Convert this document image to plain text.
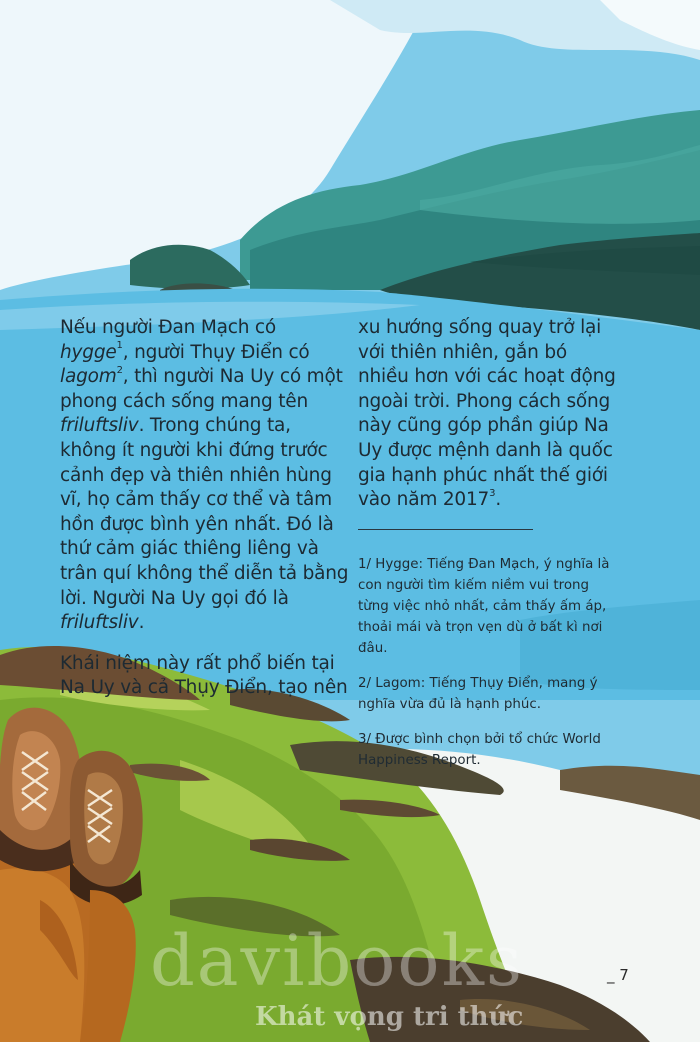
Nếu người Đan Mạch có hygge$^1$, người Thụy Điển có lagom$^2$, thì người Na Uy có một phong cách sống mang tên friluftsliv. Trong chúng ta, không ít người khi đứng trước cảnh đẹp và thiên nhiên hùng vĩ, họ cảm thấy cơ thể và tâm hồn được bình yên nhất. Đó là thứ cảm giác thiêng liêng và trân quí không thể diễn tả bằng lời. Người Na Uy gọi đó là friluftsliv.

Khái niệm này rất phổ biến tại Na Uy và cả Thụy Điển, tạo nên

xu hướng sống quay trở lại với thiên nhiên, gắn bó nhiều hơn với các hoạt động ngoài trời. Phong cách sống này cũng góp phần giúp Na Uy được mệnh danh là quốc gia hạnh phúc nhất thế giới vào năm 2017$^3$.

1/ Hygge: Tiếng Đan Mạch, ý nghĩa là con người tìm kiếm niềm vui trong từng việc nhỏ nhất, cảm thấy ấm áp, thoải mái và trọn vẹn dù ở bất kì nơi đâu.

2/ Lagom: Tiếng Thụy Điển, mang ý nghĩa vừa đủ là hạnh phúc.

3/ Được bình chọn bởi tổ chức World Happiness Report.

_ 7
davibooks
Khát vọng tri thức
